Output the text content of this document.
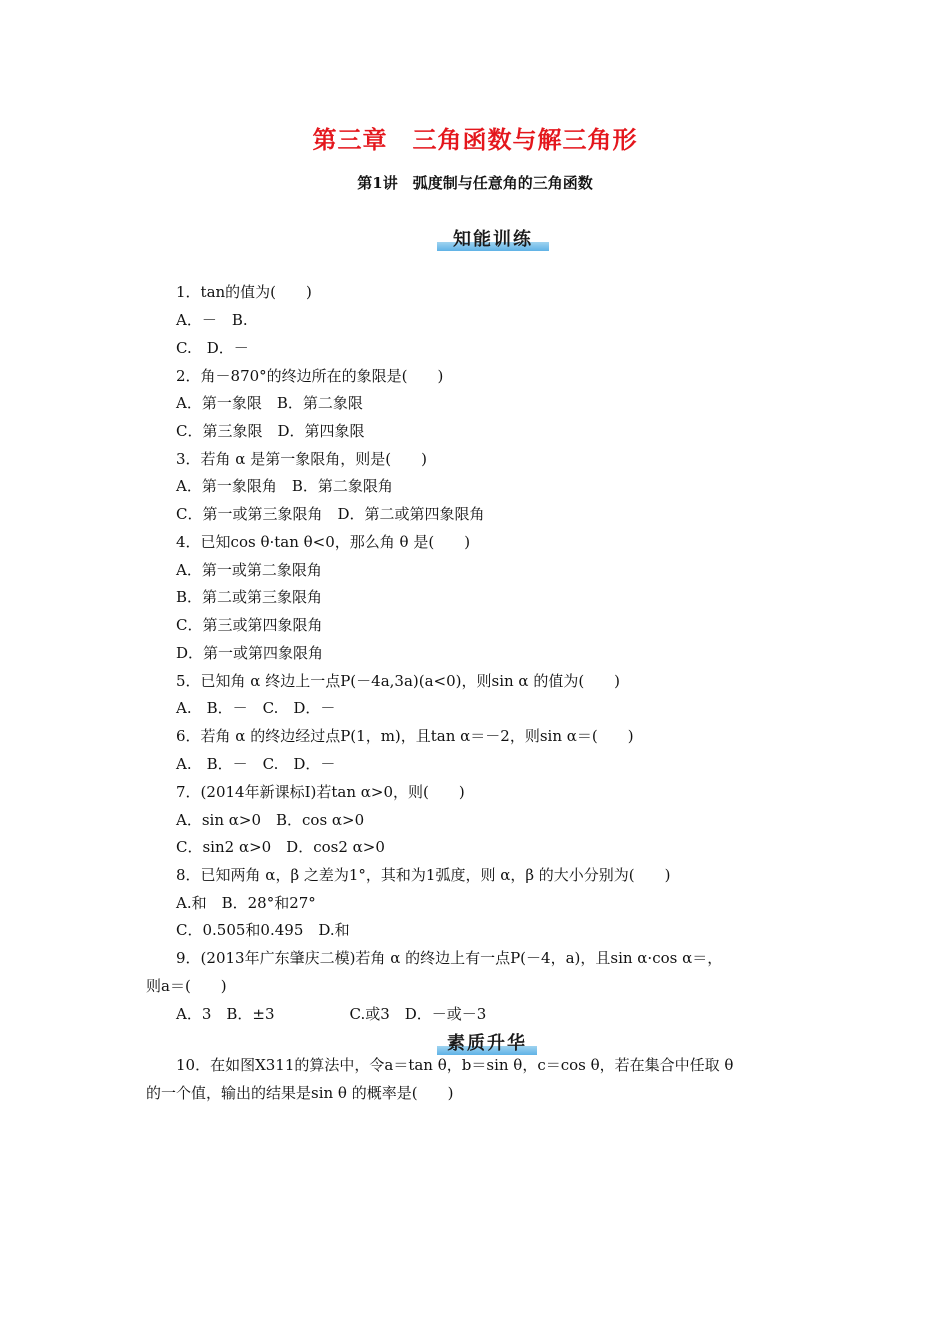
第三章　三角函数与解三角形
第1讲　弧度制与任意角的三角函数
知能训练
1．tan的值为(　　)
A．－　B.
C.　D．－
2．角－870°的终边所在的象限是(　　)
A．第一象限　B．第二象限
C．第三象限　D．第四象限
3．若角 α 是第一象限角，则是(　　)
A．第一象限角　B．第二象限角
C．第一或第三象限角　D．第二或第四象限角
4．已知cos θ·tan θ<0，那么角 θ 是(　　)
A．第一或第二象限角
B．第二或第三象限角
C．第三或第四象限角
D．第一或第四象限角
5．已知角 α 终边上一点P(－4a,3a)(a<0)，则sin α 的值为(　　)
A.　B．－　C.　D．－
6．若角 α 的终边经过点P(1，m)，且tan α＝－2，则sin α＝(　　)
A.　B．－　C.　D．－
7．(2014年新课标Ⅰ)若tan α>0，则(　　)
A．sin α>0　B．cos α>0
C．sin2 α>0　D．cos2 α>0
8．已知两角 α，β 之差为1°，其和为1弧度，则 α，β 的大小分别为(　　)
A.和　B．28°和27°
C．0.505和0.495　D.和
9．(2013年广东肇庆二模)若角 α 的终边上有一点P(－4，a)，且sin α·cos α＝，
则a＝(　　)
A．3　B．±3　　　　　C.或3　D．－或－3
素质升华
10．在如图X311的算法中，令a＝tan θ，b＝sin θ，c＝cos θ，若在集合中任取 θ
的一个值，输出的结果是sin θ 的概率是(　　)
